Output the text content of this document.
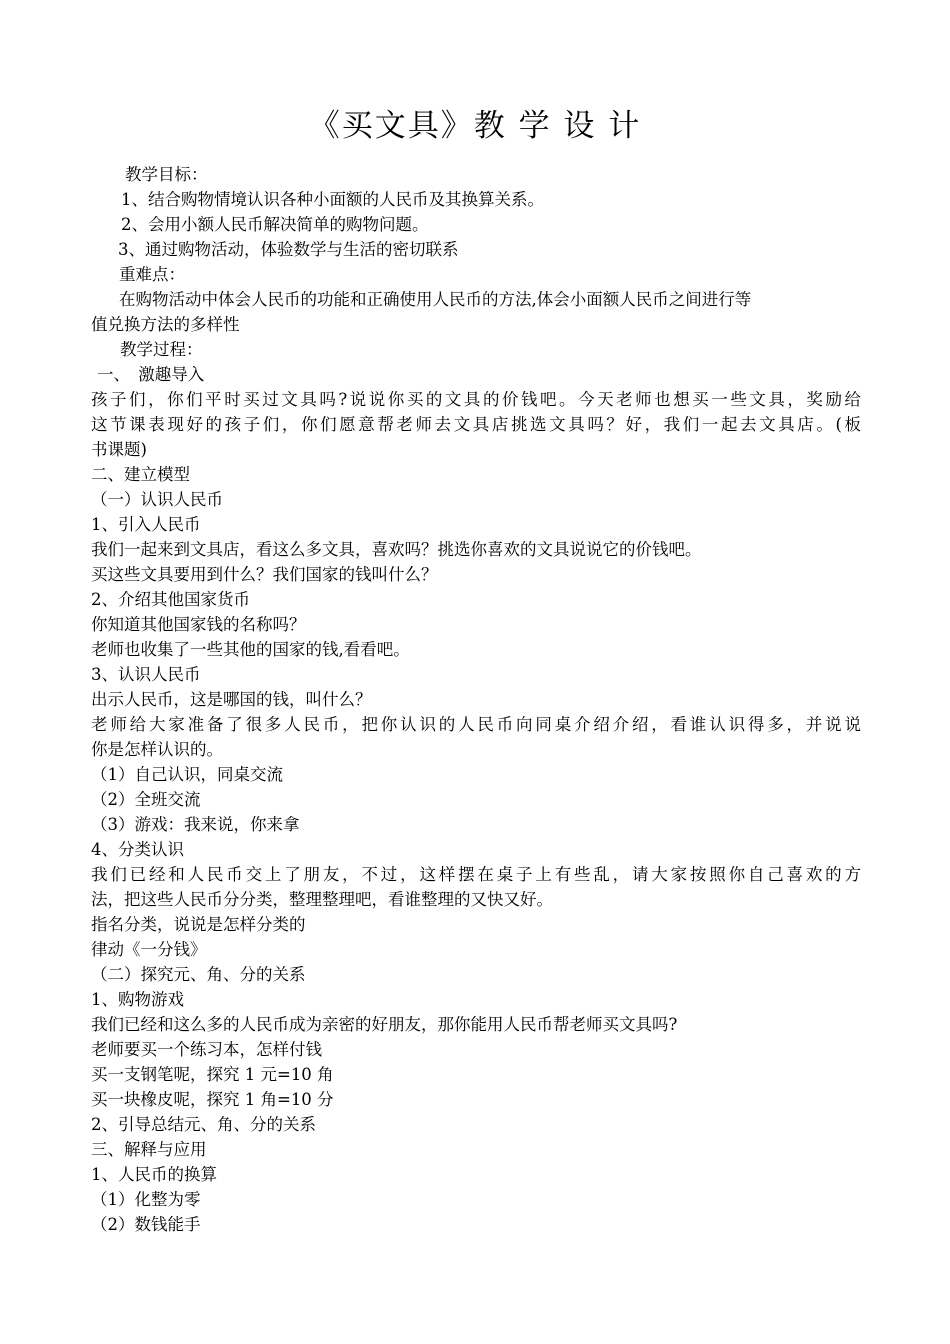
《买文具》教 学 设 计
教学目标：
1、结合购物情境认识各种小面额的人民币及其换算关系。
2、会用小额人民币解决简单的购物问题。
3、通过购物活动，体验数学与生活的密切联系
重难点：
在购物活动中体会人民币的功能和正确使用人民币的方法,体会小面额人民币之间进行等
值兑换方法的多样性
教学过程：
一、　激趣导入
孩子们，你们平时买过文具吗?说说你买的文具的价钱吧。今天老师也想买一些文具，奖励给
这节课表现好的孩子们，你们愿意帮老师去文具店挑选文具吗？好，我们一起去文具店。(板
书课题)
二、建立模型
（一）认识人民币
1、引入人民币
我们一起来到文具店，看这么多文具，喜欢吗？挑选你喜欢的文具说说它的价钱吧。
买这些文具要用到什么？我们国家的钱叫什么？
2、介绍其他国家货币
你知道其他国家钱的名称吗？
老师也收集了一些其他的国家的钱,看看吧。
3、认识人民币
出示人民币，这是哪国的钱，叫什么？
老师给大家准备了很多人民币，把你认识的人民币向同桌介绍介绍，看谁认识得多，并说说
你是怎样认识的。
（1）自己认识，同桌交流
（2）全班交流
（3）游戏：我来说，你来拿
4、分类认识
我们已经和人民币交上了朋友，不过，这样摆在桌子上有些乱，请大家按照你自己喜欢的方
法，把这些人民币分分类，整理整理吧，看谁整理的又快又好。
指名分类，说说是怎样分类的
律动《一分钱》
（二）探究元、角、分的关系
1、购物游戏
我们已经和这么多的人民币成为亲密的好朋友，那你能用人民币帮老师买文具吗?
老师要买一个练习本，怎样付钱
买一支钢笔呢，探究 1 元=10 角
买一块橡皮呢，探究 1 角=10 分
2、引导总结元、角、分的关系
三、解释与应用
1、人民币的换算
（1）化整为零
（2）数钱能手
